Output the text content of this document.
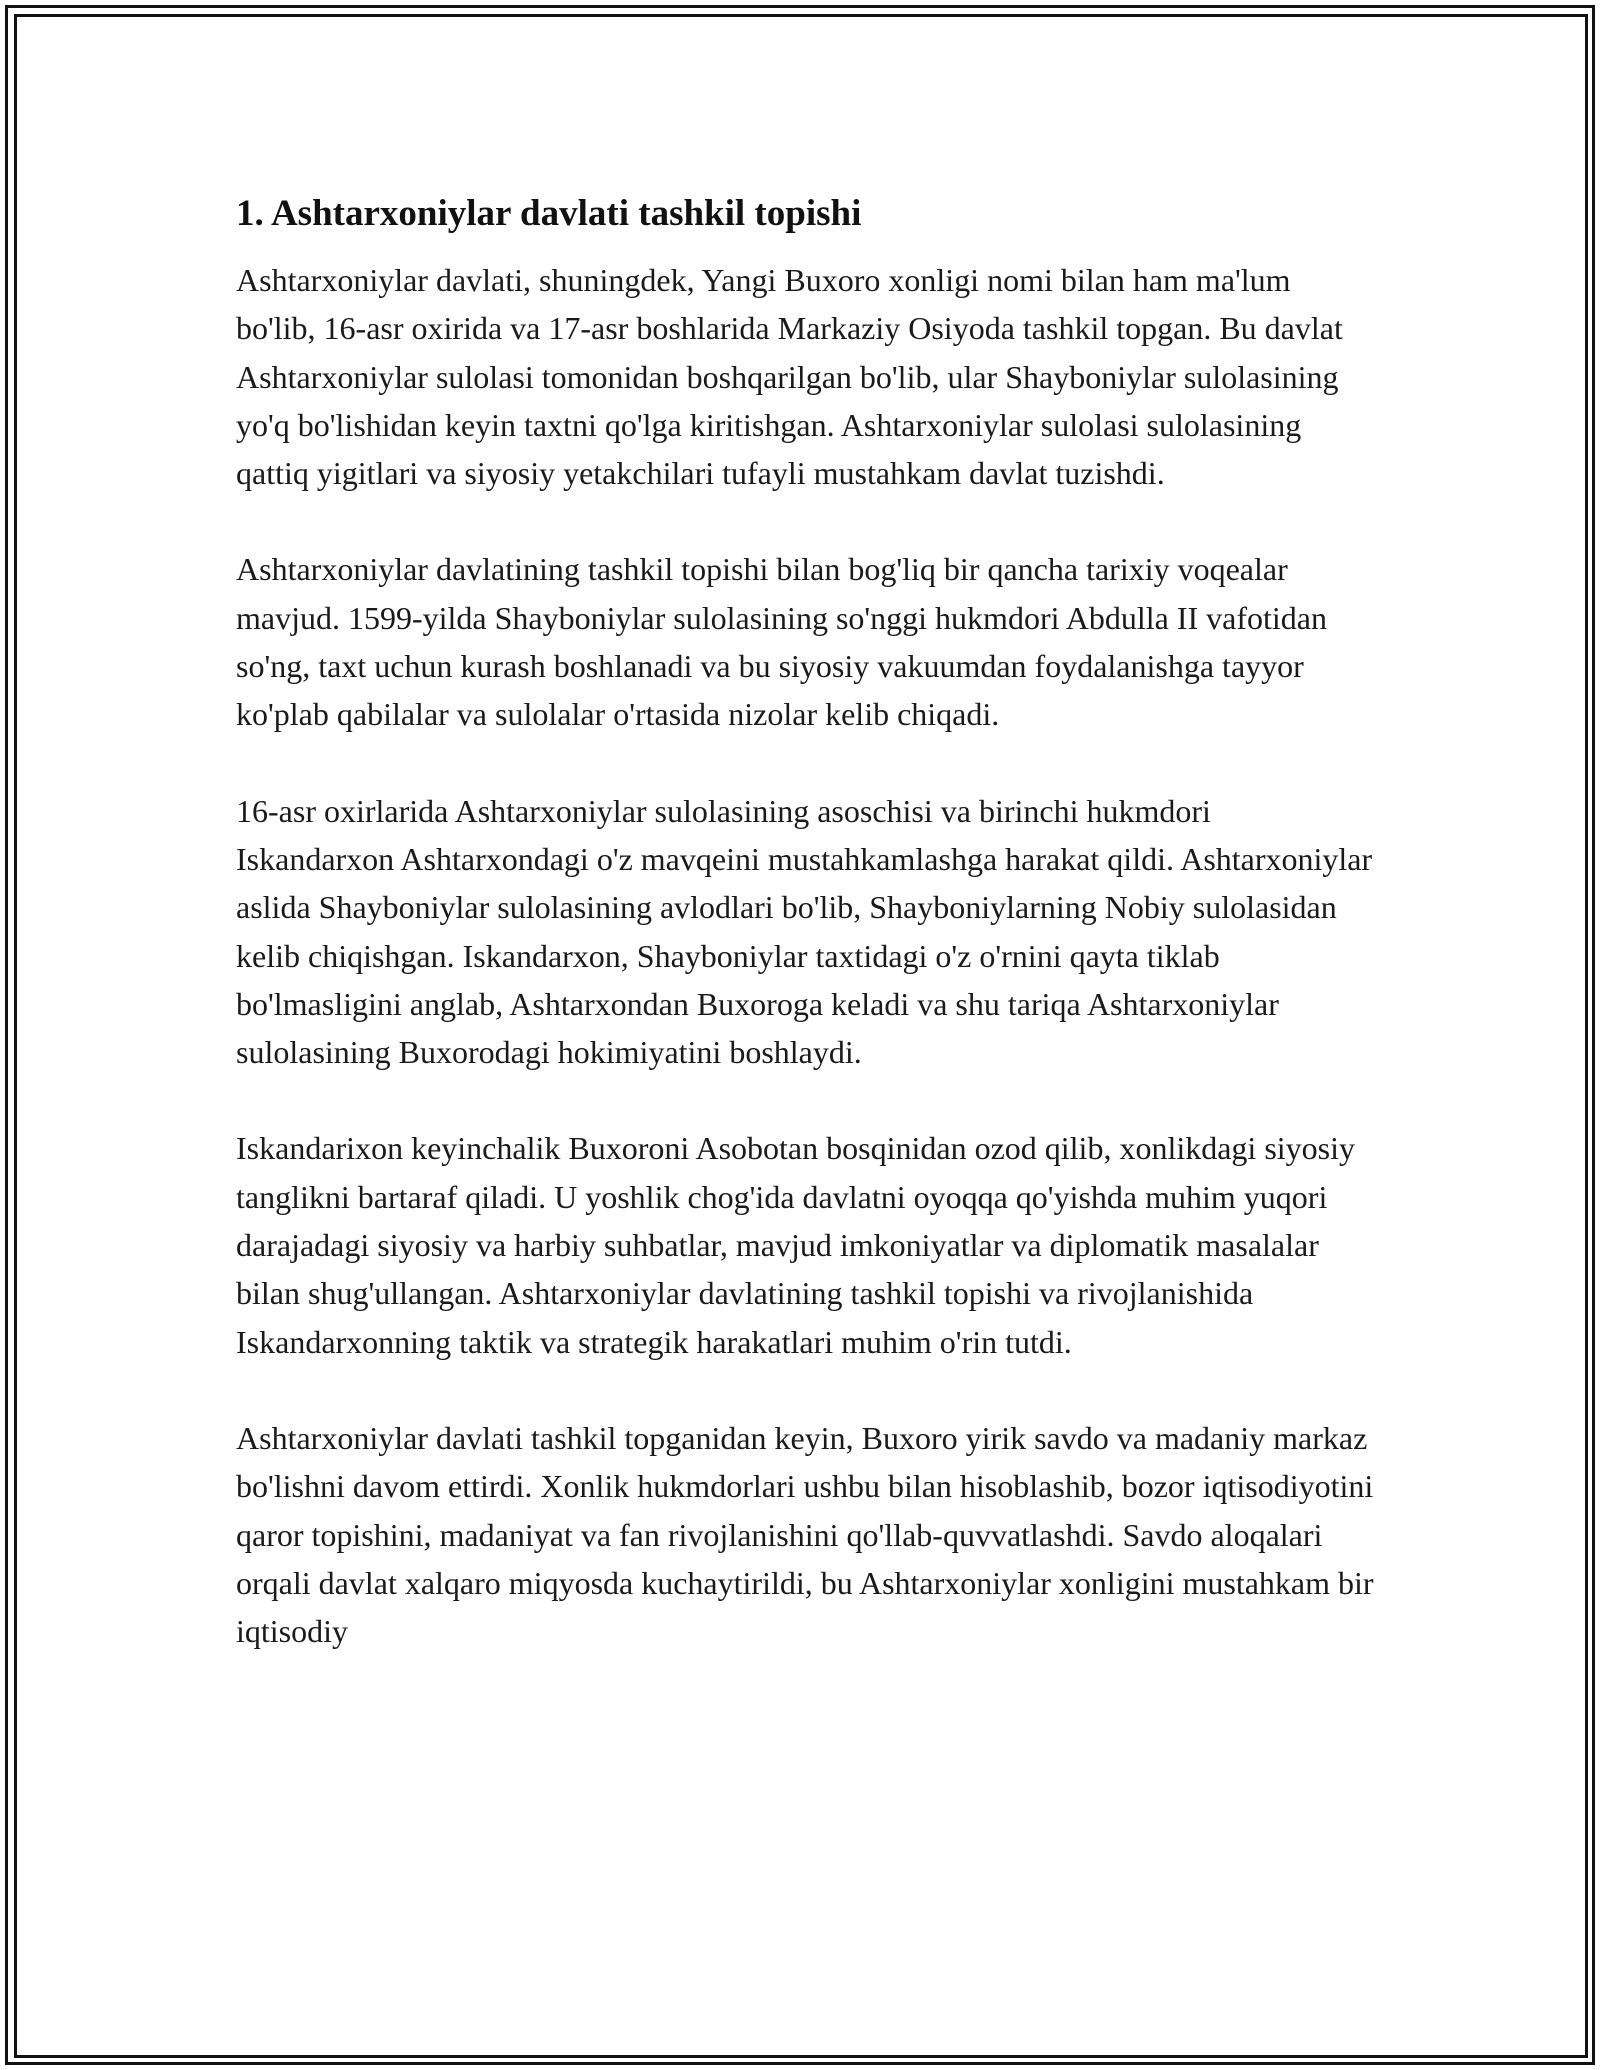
1. Ashtarxoniylar davlati tashkil topishi

Ashtarxoniylar davlati, shuningdek, Yangi Buxoro xonligi nomi bilan ham ma'lum bo'lib, 16-asr oxirida va 17-asr boshlarida Markaziy Osiyoda tashkil topgan. Bu davlat Ashtarxoniylar sulolasi tomonidan boshqarilgan bo'lib, ular Shayboniylar sulolasining yo'q bo'lishidan keyin taxtni qo'lga kiritishgan. Ashtarxoniylar sulolasi sulolasining qattiq yigitlari va siyosiy yetakchilari tufayli mustahkam davlat tuzishdi.

Ashtarxoniylar davlatining tashkil topishi bilan bog'liq bir qancha tarixiy voqealar mavjud. 1599-yilda Shayboniylar sulolasining so'nggi hukmdori Abdulla II vafotidan so'ng, taxt uchun kurash boshlanadi va bu siyosiy vakuumdan foydalanishga tayyor ko'plab qabilalar va sulolalar o'rtasida nizolar kelib chiqadi.

16-asr oxirlarida Ashtarxoniylar sulolasining asoschisi va birinchi hukmdori Iskandarxon Ashtarxondagi o'z mavqeini mustahkamlashga harakat qildi. Ashtarxoniylar aslida Shayboniylar sulolasining avlodlari bo'lib, Shayboniylarning Nobiy sulolasidan kelib chiqishgan. Iskandarxon, Shayboniylar taxtidagi o'z o'rnini qayta tiklab bo'lmasligini anglab, Ashtarxondan Buxoroga keladi va shu tariqa Ashtarxoniylar sulolasining Buxorodagi hokimiyatini boshlaydi.

Iskandarixon keyinchalik Buxoroni Asobotan bosqinidan ozod qilib, xonlikdagi siyosiy tanglikni bartaraf qiladi. U yoshlik chog'ida davlatni oyoqqa qo'yishda muhim yuqori darajadagi siyosiy va harbiy suhbatlar, mavjud imkoniyatlar va diplomatik masalalar bilan shug'ullangan. Ashtarxoniylar davlatining tashkil topishi va rivojlanishida Iskandarxonning taktik va strategik harakatlari muhim o'rin tutdi.

Ashtarxoniylar davlati tashkil topganidan keyin, Buxoro yirik savdo va madaniy markaz bo'lishni davom ettirdi. Xonlik hukmdorlari ushbu bilan hisoblashib, bozor iqtisodiyotini qaror topishini, madaniyat va fan rivojlanishini qo'llab-quvvatlashdi. Savdo aloqalari orqali davlat xalqaro miqyosda kuchaytirildi, bu Ashtarxoniylar xonligini mustahkam bir iqtisodiy
